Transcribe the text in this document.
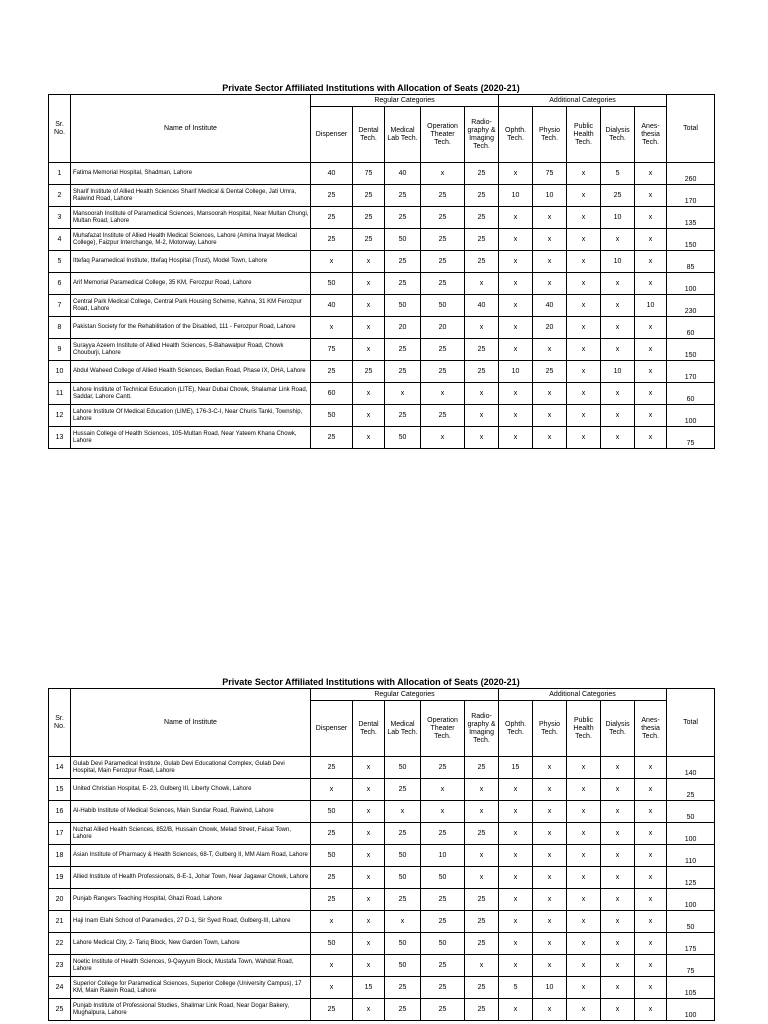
Private Sector Affiliated Institutions with Allocation of Seats (2020-21)
Sr. No.	Name of Institute	Regular Categories					Additional Categories					Total
		Dispenser	Dental Tech.	Medical Lab Tech.	Operation Theater Tech.	Radio-graphy & Imaging Tech.	Ophth. Tech.	Physio Tech.	Public Health Tech.	Dialysis Tech.	Anes-thesia Tech.	
1	Fatima Memorial Hospital, Shadman, Lahore	40	75	40	x	25	x	75	x	5	x	260
2	Sharif Institute of Allied Health Sciences Sharif Medical & Dental College, Jati Umra, Raiwind Road, Lahore	25	25	25	25	25	10	10	x	25	x	170
3	Mansoorah Institute of Paramedical Sciences, Mansoorah Hospital, Near Multan Chungi, Multan Road, Lahore	25	25	25	25	25	x	x	x	10	x	135
4	Muhafazat Institute of Allied Health Medical Sciences, Lahore (Amina Inayat Medical College), Faizpur Interchange, M-2, Motorway, Lahore	25	25	50	25	25	x	x	x	x	x	150
5	Ittefaq Paramedical Institute, Ittefaq Hospital (Trust), Model Town, Lahore	x	x	25	25	25	x	x	x	10	x	85
6	Arif Memorial Paramedical College, 35 KM, Ferozpur Road, Lahore	50	x	25	25	x	x	x	x	x	x	100
7	Central Park Medical College, Central Park Housing Scheme, Kahna, 31 KM Ferozpur Road, Lahore	40	x	50	50	40	x	40	x	x	10	230
8	Pakistan Society for the Rehabilitation of the Disabled, 111 - Ferozpur Road, Lahore	x	x	20	20	x	x	20	x	x	x	60
9	Surayya Azeem Institute of Allied Health Sciences, 5-Bahawalpur Road, Chowk Chouburji, Lahore	75	x	25	25	25	x	x	x	x	x	150
10	Abdul Waheed College of Allied Health Sciences, Bedian Road, Phase IX, DHA, Lahore	25	25	25	25	25	10	25	x	10	x	170
11	Lahore Institute of Technical Education (LITE), Near Dubai Chowk, Shalamar Link Road, Saddar, Lahore Cantt.	60	x	x	x	x	x	x	x	x	x	60
12	Lahore Institute Of Medical Education (LIME), 176-3-C-I, Near Churis Tanki, Township, Lahore	50	x	25	25	x	x	x	x	x	x	100
13	Hussain College of Health Sciences, 105-Multan Road, Near Yateem Khana Chowk, Lahore	25	x	50	x	x	x	x	x	x	x	75
Private Sector Affiliated Institutions with Allocation of Seats (2020-21)
Sr. No.	Name of Institute	Regular Categories					Additional Categories					Total
		Dispenser	Dental Tech.	Medical Lab Tech.	Operation Theater Tech.	Radio-graphy & Imaging Tech.	Ophth. Tech.	Physio Tech.	Public Health Tech.	Dialysis Tech.	Anes-thesia Tech.	
14	Gulab Devi Paramedical Institute, Gulab Devi Educational Complex, Gulab Devi Hospital, Main Ferozpur Road, Lahore	25	x	50	25	25	15	x	x	x	x	140
15	United Christian Hospital, E- 23, Gulberg III, Liberty Chowk, Lahore	x	x	25	x	x	x	x	x	x	x	25
16	Al-Habib Institute of Medical Sciences, Main Sundar Road, Raiwind, Lahore	50	x	x	x	x	x	x	x	x	x	50
17	Nuzhat Allied Health Sciences, 852/B, Hussain Chowk, Melad Street, Faisal Town, Lahore	25	x	25	25	25	x	x	x	x	x	100
18	Asian Institute of Pharmacy & Health Sciences, 68-T, Gulberg II, MM Alam Road, Lahore	50	x	50	10	x	x	x	x	x	x	110
19	Allied Institute of Health Professionals, 8-E-1, Johar Town, Near Jagawar Chowk, Lahore	25	x	50	50	x	x	x	x	x	x	125
20	Punjab Rangers Teaching Hospital, Ghazi Road, Lahore	25	x	25	25	25	x	x	x	x	x	100
21	Haji Inam Elahi School of Paramedics, 27 D-1, Sir Syed Road, Gulberg-III, Lahore	x	x	x	25	25	x	x	x	x	x	50
22	Lahore Medical City, 2- Tariq Block, New Garden Town, Lahore	50	x	50	50	25	x	x	x	x	x	175
23	Noetic Institute of Health Sciences, 9-Qayyum Block, Mustafa Town, Wahdat Road, Lahore	x	x	50	25	x	x	x	x	x	x	75
24	Superior College for Paramedical Sciences, Superior College (University Campus), 17 KM, Main Raiwin Road, Lahore	x	15	25	25	25	5	10	x	x	x	105
25	Punjab Institute of Professional Studies, Shalimar Link Road, Near Dogar Bakery, Mughalpura, Lahore	25	x	25	25	25	x	x	x	x	x	100
